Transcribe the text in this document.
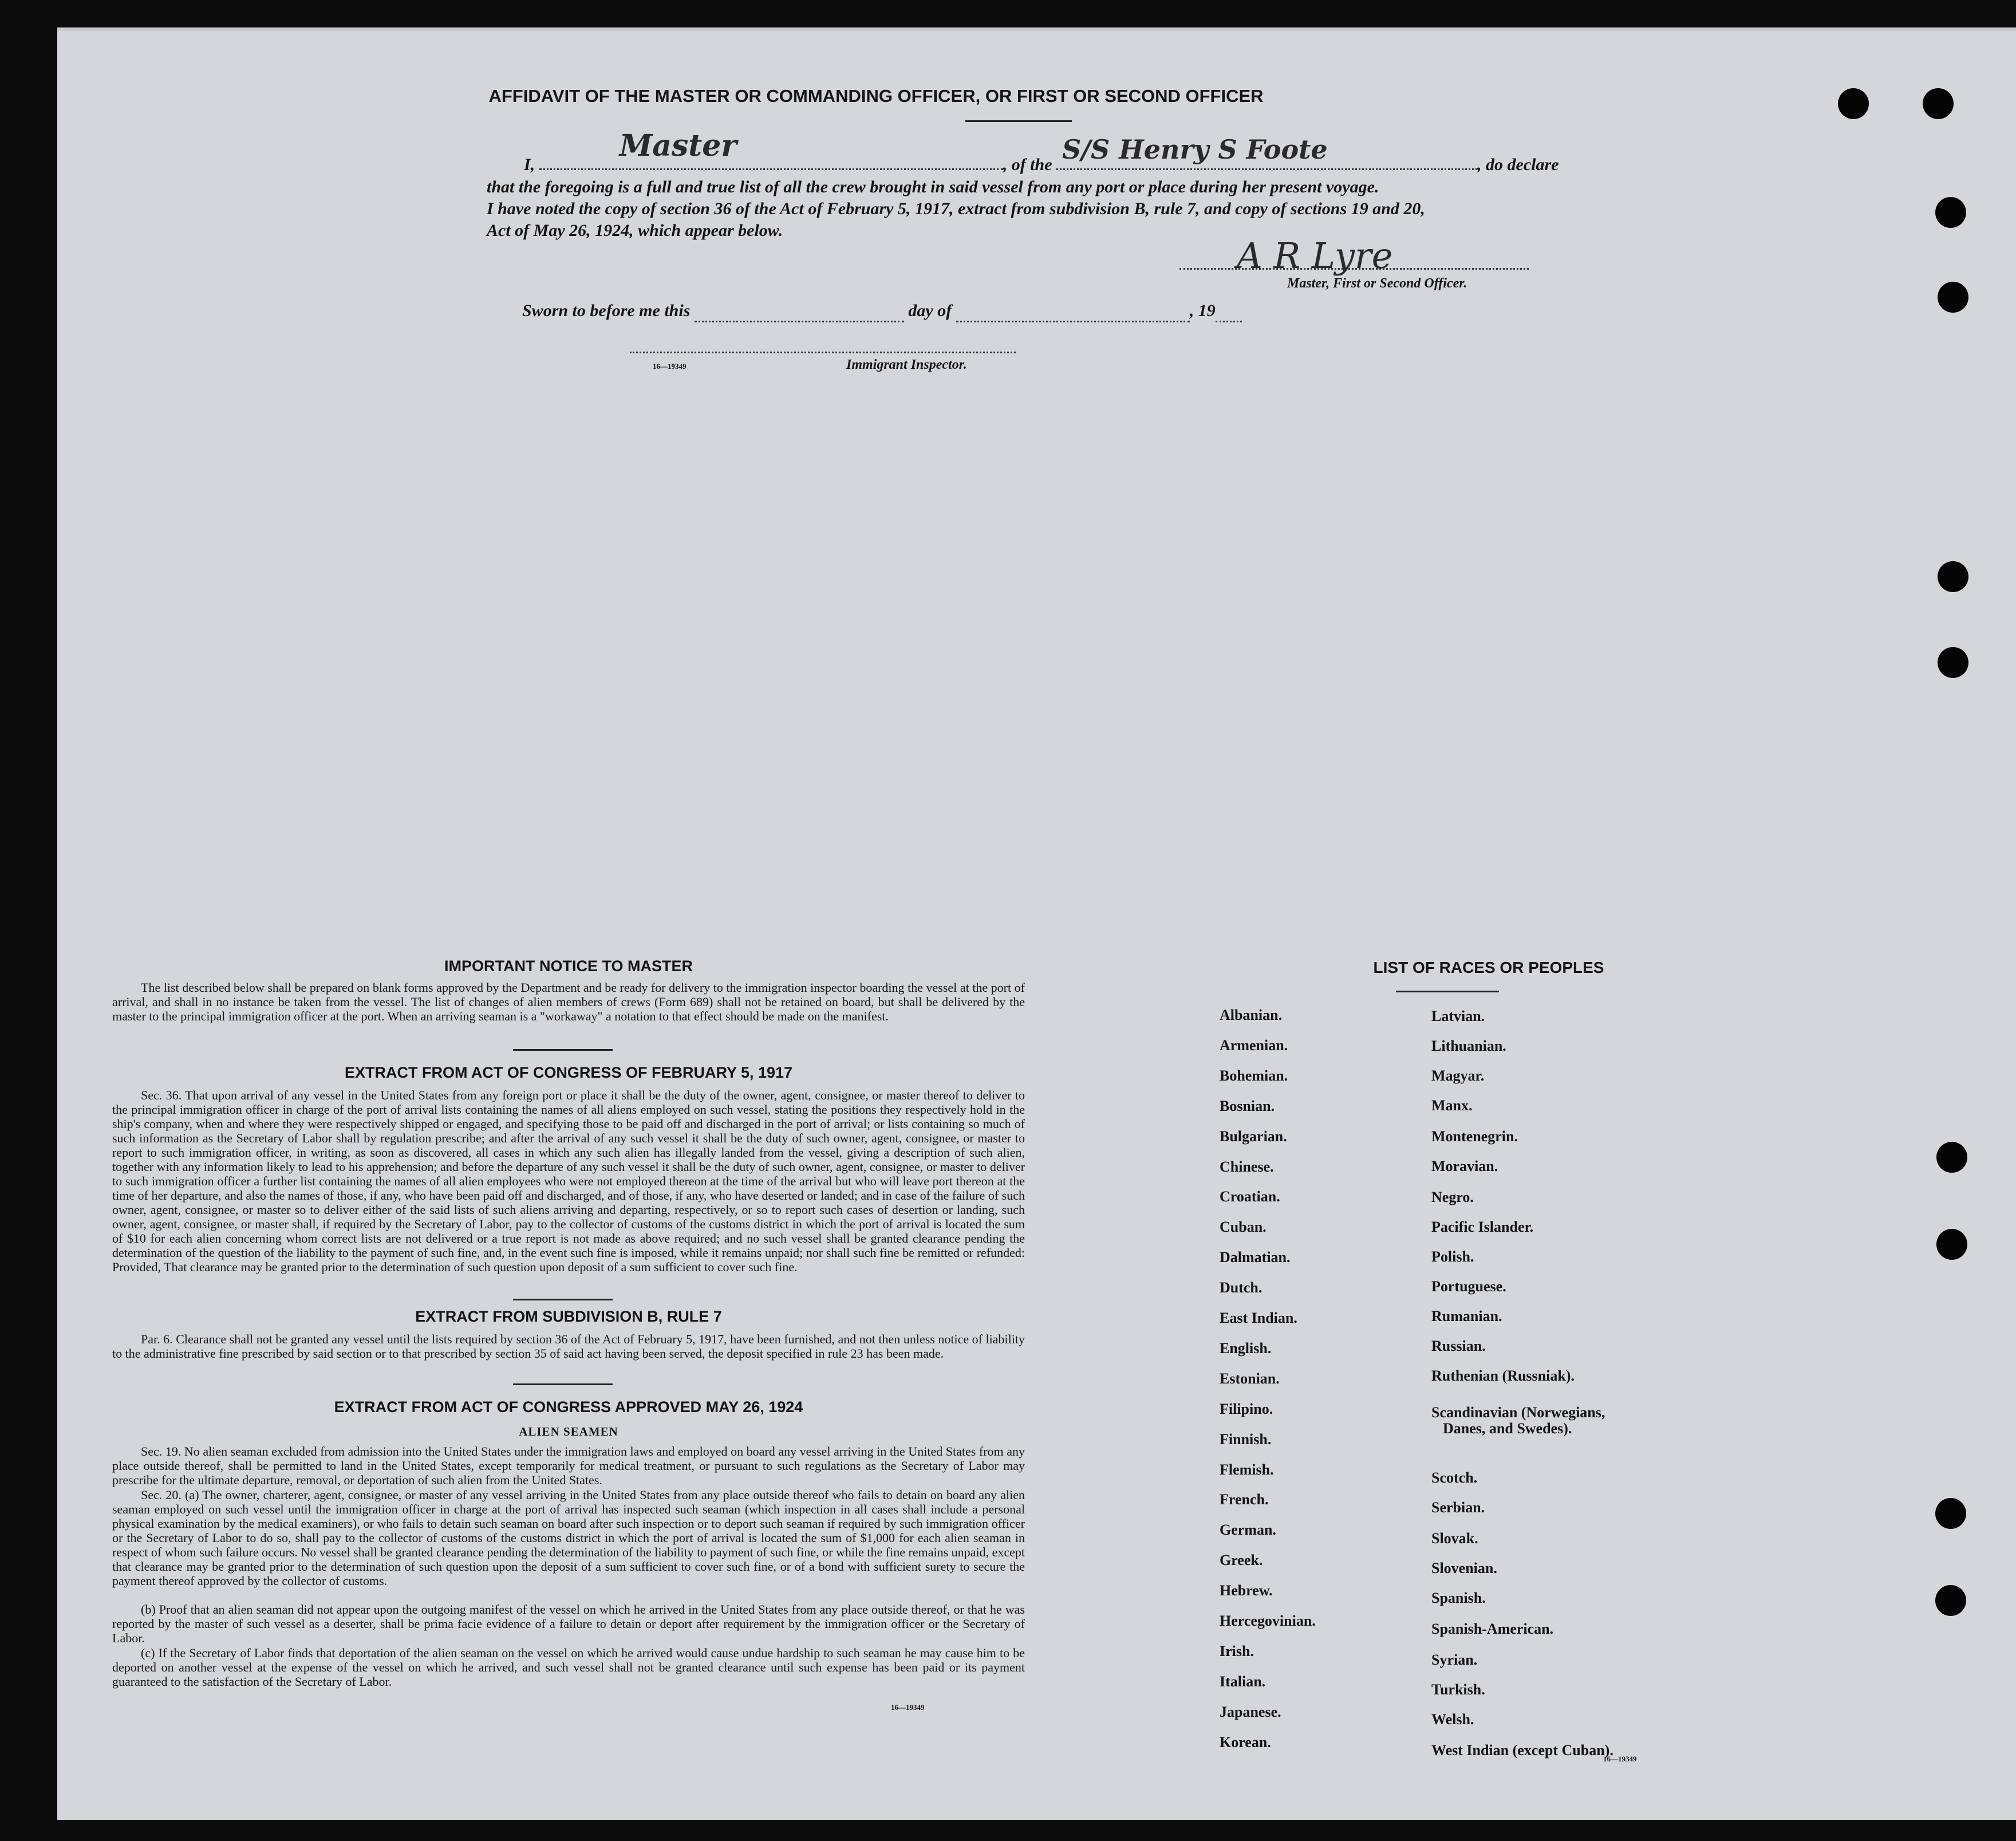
AFFIDAVIT OF THE MASTER OR COMMANDING OFFICER, OR FIRST OR SECOND OFFICER
I,
Master
, of the S/S Henry S Foote	, do declare
that the foregoing is a full and true list of all the crew brought in said vessel from any port or place during her present voyage.
I have noted the copy of section 36 of the Act of February 5, 1917, extract from subdivision B, rule 7, and copy of sections 19 and 20,
Act of May 26, 1924, which appear below.
A R Lyre
Master, First or Second Officer.
Sworn to before me this	day of	, 19
16—19349	Immigrant Inspector.
IMPORTANT NOTICE TO MASTER
The list described below shall be prepared on blank forms approved by the Department and be ready for delivery to the immigration inspector boarding the vessel at the port of arrival, and shall in no instance be taken from the vessel. The list of changes of alien members of crews (Form 689) shall not be retained on board, but shall be delivered by the master to the principal immigration officer at the port. When an arriving seaman is a "workaway" a notation to that effect should be made on the manifest.
EXTRACT FROM ACT OF CONGRESS OF FEBRUARY 5, 1917
Sec. 36. That upon arrival of any vessel in the United States from any foreign port or place it shall be the duty of the owner, agent, consignee, or master thereof to deliver to the principal immigration officer in charge of the port of arrival lists containing the names of all aliens employed on such vessel, stating the positions they respectively hold in the ship's company, when and where they were respectively shipped or engaged, and specifying those to be paid off and discharged in the port of arrival; or lists containing so much of such information as the Secretary of Labor shall by regulation prescribe; and after the arrival of any such vessel it shall be the duty of such owner, agent, consignee, or master to report to such immigration officer, in writing, as soon as discovered, all cases in which any such alien has illegally landed from the vessel, giving a description of such alien, together with any information likely to lead to his apprehension; and before the departure of any such vessel it shall be the duty of such owner, agent, consignee, or master to deliver to such immigration officer a further list containing the names of all alien employees who were not employed thereon at the time of the arrival but who will leave port thereon at the time of her departure, and also the names of those, if any, who have been paid off and discharged, and of those, if any, who have deserted or landed; and in case of the failure of such owner, agent, consignee, or master so to deliver either of the said lists of such aliens arriving and departing, respectively, or so to report such cases of desertion or landing, such owner, agent, consignee, or master shall, if required by the Secretary of Labor, pay to the collector of customs of the customs district in which the port of arrival is located the sum of $10 for each alien concerning whom correct lists are not delivered or a true report is not made as above required; and no such vessel shall be granted clearance pending the determination of the question of the liability to the payment of such fine, and, in the event such fine is imposed, while it remains unpaid; nor shall such fine be remitted or refunded: Provided, That clearance may be granted prior to the determination of such question upon deposit of a sum sufficient to cover such fine.
EXTRACT FROM SUBDIVISION B, RULE 7
Par. 6. Clearance shall not be granted any vessel until the lists required by section 36 of the Act of February 5, 1917, have been furnished, and not then unless notice of liability to the administrative fine prescribed by said section or to that prescribed by section 35 of said act having been served, the deposit specified in rule 23 has been made.
EXTRACT FROM ACT OF CONGRESS APPROVED MAY 26, 1924
ALIEN SEAMEN
Sec. 19. No alien seaman excluded from admission into the United States under the immigration laws and employed on board any vessel arriving in the United States from any place outside thereof, shall be permitted to land in the United States, except temporarily for medical treatment, or pursuant to such regulations as the Secretary of Labor may prescribe for the ultimate departure, removal, or deportation of such alien from the United States.
Sec. 20. (a) The owner, charterer, agent, consignee, or master of any vessel arriving in the United States from any place outside thereof who fails to detain on board any alien seaman employed on such vessel until the immigration officer in charge at the port of arrival has inspected such seaman (which inspection in all cases shall include a personal physical examination by the medical examiners), or who fails to detain such seaman on board after such inspection or to deport such seaman if required by such immigration officer or the Secretary of Labor to do so, shall pay to the collector of customs of the customs district in which the port of arrival is located the sum of $1,000 for each alien seaman in respect of whom such failure occurs. No vessel shall be granted clearance pending the determination of the liability to payment of such fine, or while the fine remains unpaid, except that clearance may be granted prior to the determination of such question upon the deposit of a sum sufficient to cover such fine, or of a bond with sufficient surety to secure the payment thereof approved by the collector of customs.
(b) Proof that an alien seaman did not appear upon the outgoing manifest of the vessel on which he arrived in the United States from any place outside thereof, or that he was reported by the master of such vessel as a deserter, shall be prima facie evidence of a failure to detain or deport after requirement by the immigration officer or the Secretary of Labor.
(c) If the Secretary of Labor finds that deportation of the alien seaman on the vessel on which he arrived would cause undue hardship to such seaman he may cause him to be deported on another vessel at the expense of the vessel on which he arrived, and such vessel shall not be granted clearance until such expense has been paid or its payment guaranteed to the satisfaction of the Secretary of Labor.
16—19349
LIST OF RACES OR PEOPLES
16—19349
Albanian.
Armenian.
Bohemian.
Bosnian.
Bulgarian.
Chinese.
Croatian.
Cuban.
Dalmatian.
Dutch.
East Indian.
English.
Estonian.
Filipino.
Finnish.
Flemish.
French.
German.
Greek.
Hebrew.
Hercegovinian.
Irish.
Italian.
Japanese.
Korean.
Latvian.
Lithuanian.
Magyar.
Manx.
Montenegrin.
Moravian.
Negro.
Pacific Islander.
Polish.
Portuguese.
Rumanian.
Russian.
Ruthenian (Russniak).
Scandinavian (Norwegians,
Danes, and Swedes).
Scotch.
Serbian.
Slovak.
Slovenian.
Spanish.
Spanish-American.
Syrian.
Turkish.
Welsh.
West Indian (except Cuban).
